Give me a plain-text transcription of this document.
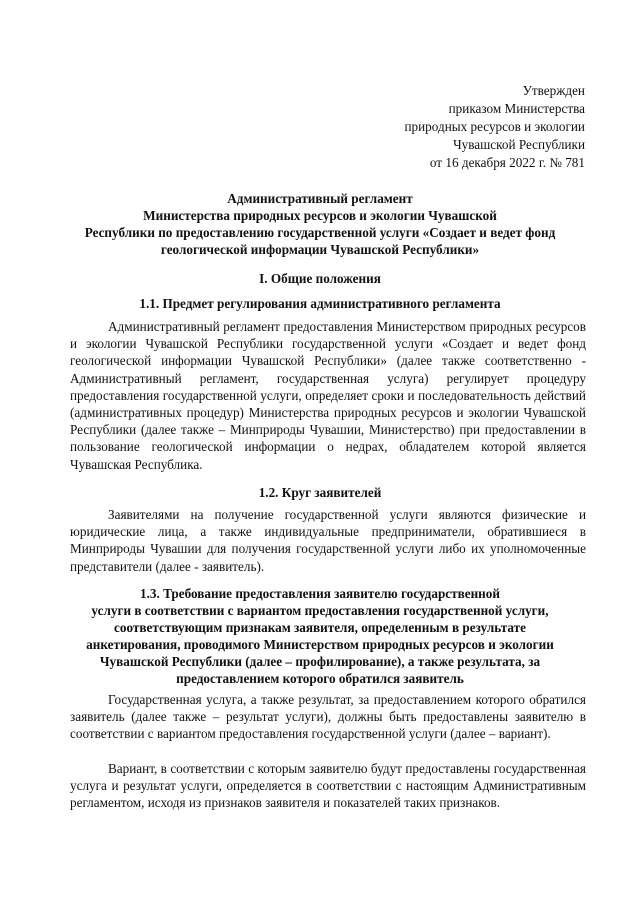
Утвержден
приказом Министерства
природных ресурсов и экологии
Чувашской Республики
от 16 декабря 2022 г. № 781
Административный регламент
Министерства природных ресурсов и экологии Чувашской
Республики по предоставлению государственной услуги «Создает и ведет фонд
геологической информации Чувашской Республики»
I. Общие положения
1.1. Предмет регулирования административного регламента
Административный регламент предоставления Министерством природных ресурсов и экологии Чувашской Республики государственной услуги «Создает и ведет фонд геологической информации Чувашской Республики» (далее также соответственно - Административный регламент, государственная услуга) регулирует процедуру предоставления государственной услуги, определяет сроки и последовательность действий (административных процедур) Министерства природных ресурсов и экологии Чувашской Республики (далее также – Минприроды Чувашии, Министерство) при предоставлении в пользование геологической информации о недрах, обладателем которой является Чувашская Республика.
1.2. Круг заявителей
Заявителями на получение государственной услуги являются физические и юридические лица, а также индивидуальные предприниматели, обратившиеся в Минприроды Чувашии для получения государственной услуги либо их уполномоченные представители (далее - заявитель).
1.3. Требование предоставления заявителю государственной
услуги в соответствии с вариантом предоставления государственной услуги,
соответствующим признакам заявителя, определенным в результате
анкетирования, проводимого Министерством природных ресурсов и экологии
Чувашской Республики (далее – профилирование), а также результата, за
предоставлением которого обратился заявитель
Государственная услуга, а также результат, за предоставлением которого обратился заявитель (далее также – результат услуги), должны быть предоставлены заявителю в соответствии с вариантом предоставления государственной услуги (далее – вариант).
Вариант, в соответствии с которым заявителю будут предоставлены государственная услуга и результат услуги, определяется в соответствии с настоящим Административным регламентом, исходя из признаков заявителя и показателей таких признаков.
